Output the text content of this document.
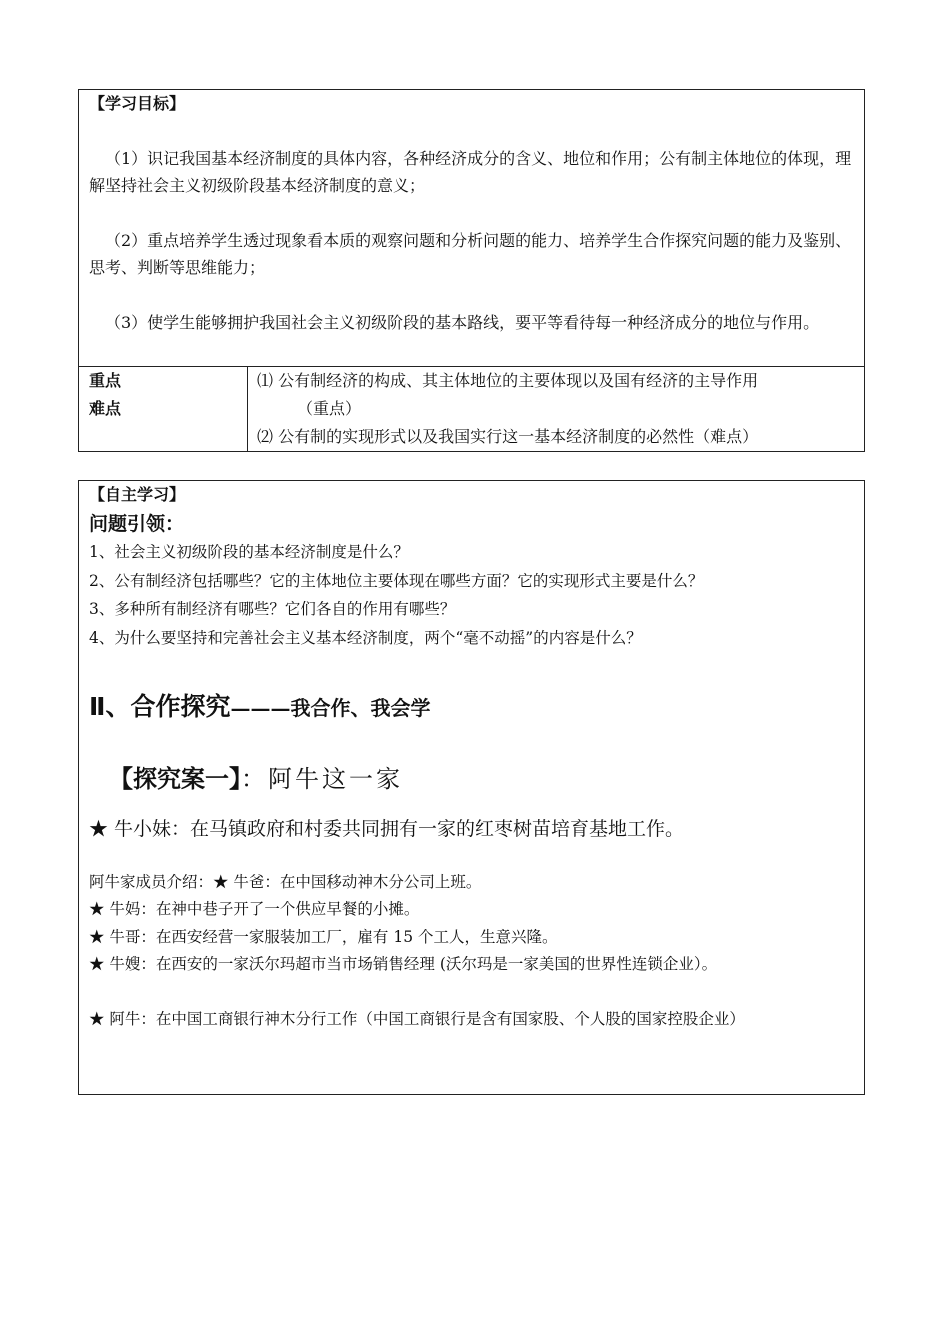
【学习目标】
（1）识记我国基本经济制度的具体内容，各种经济成分的含义、地位和作用；公有制主体地位的体现，理解坚持社会主义初级阶段基本经济制度的意义；
（2）重点培养学生透过现象看本质的观察问题和分析问题的能力、培养学生合作探究问题的能力及鉴别、思考、判断等思维能力；
（3）使学生能够拥护我国社会主义初级阶段的基本路线，要平等看待每一种经济成分的地位与作用。
重点
难点
⑴ 公有制经济的构成、其主体地位的主要体现以及国有经济的主导作用
（重点）
⑵ 公有制的实现形式以及我国实行这一基本经济制度的必然性（难点）
【自主学习】
问题引领：
1、社会主义初级阶段的基本经济制度是什么？
2、公有制经济包括哪些？它的主体地位主要体现在哪些方面？它的实现形式主要是什么？
3、多种所有制经济有哪些？它们各自的作用有哪些？
4、为什么要坚持和完善社会主义基本经济制度，两个“毫不动摇”的内容是什么？
Ⅱ、合作探究———我合作、我会学
【探究案一】：阿牛这一家
★ 牛小妹：在马镇政府和村委共同拥有一家的红枣树苗培育基地工作。
阿牛家成员介绍：★ 牛爸：在中国移动神木分公司上班。
★ 牛妈：在神中巷子开了一个供应早餐的小摊。
★ 牛哥：在西安经营一家服装加工厂，雇有 15 个工人，生意兴隆。
★ 牛嫂：在西安的一家沃尔玛超市当市场销售经理 (沃尔玛是一家美国的世界性连锁企业）。
★ 阿牛：在中国工商银行神木分行工作（中国工商银行是含有国家股、个人股的国家控股企业）
